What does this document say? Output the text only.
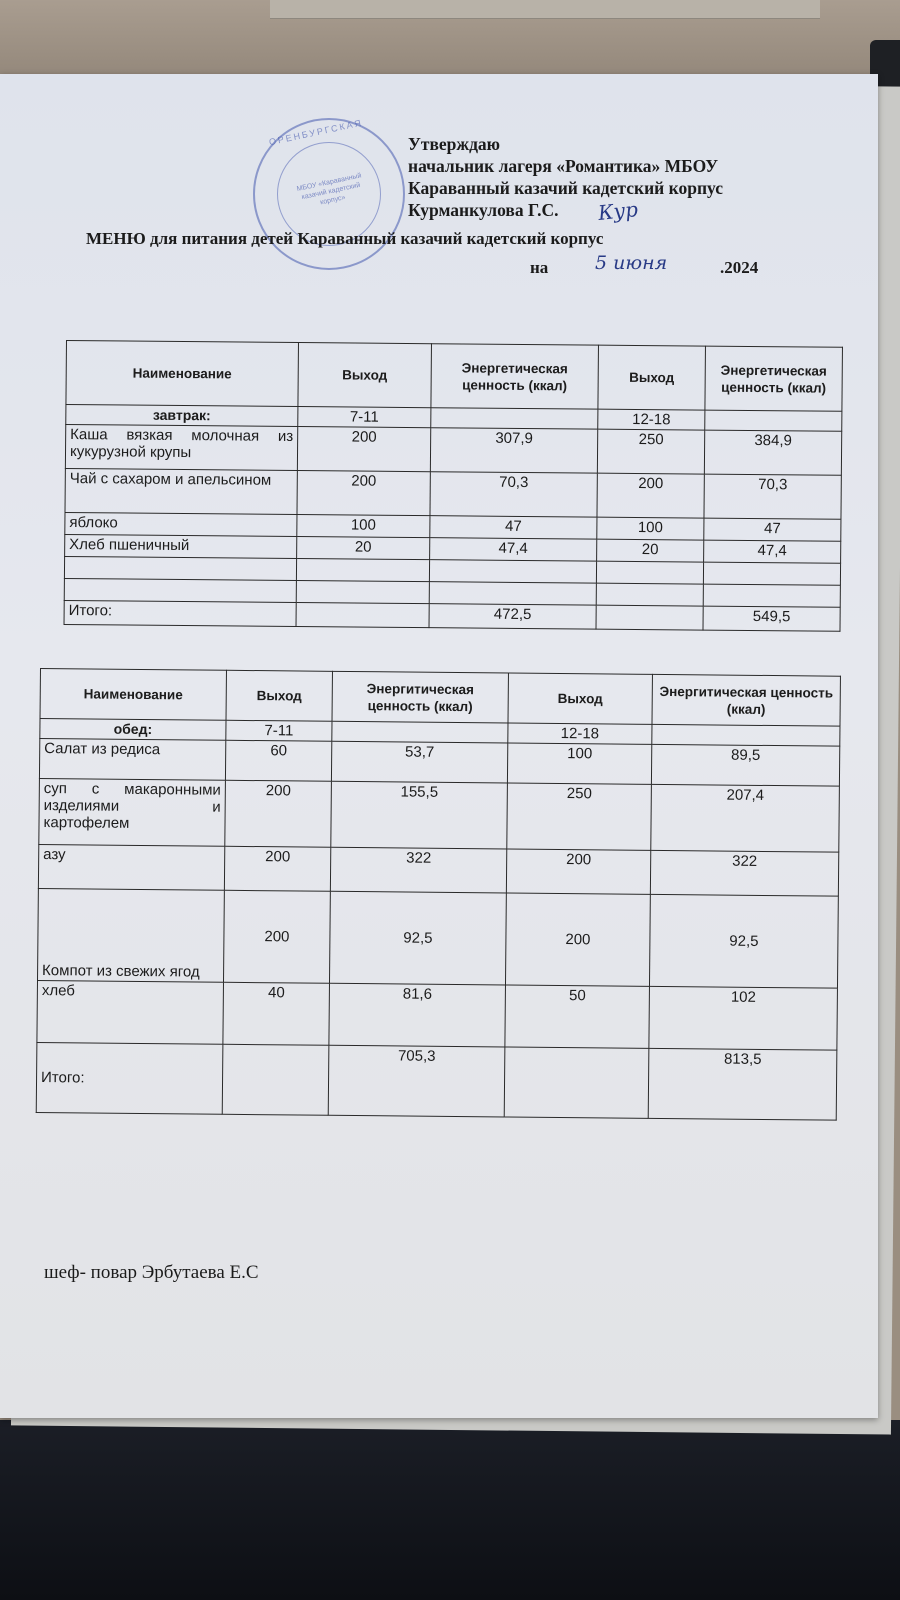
ОРЕНБУРГСКАЯ
МБОУ «Караванный казачий кадетский корпус»
Утверждаю
начальник лагеря «Романтика» МБОУ
Караванный казачий кадетский корпус
Курманкулова Г.С.	Кур
МЕНЮ для питания детей Караванный казачий кадетский корпус
на 5 июня	.2024
Наименование	Выход	Энергетическая ценность (ккал)	Выход	Энергетическая ценность (ккал)
завтрак:	7-11		12-18	
Каша вязкая молочная из кукурузной крупы	200	307,9	250	384,9
Чай с сахаром и апельсином	200	70,3	200	70,3
яблоко	100	47	100	47
Хлеб пшеничный	20	47,4	20	47,4

Итого:		472,5		549,5
Наименование	Выход	Энергитическая ценность (ккал)	Выход	Энергитическая ценность (ккал)
обед:	7-11		12-18	
Салат из редиса	60	53,7	100	89,5
суп с макаронными изделиями и картофелем	200	155,5	250	207,4
азу	200	322	200	322
Компот из свежих ягод	200	92,5	200	92,5
хлеб	40	81,6	50	102
Итого:		705,3		813,5
шеф- повар Эрбутаева Е.С
